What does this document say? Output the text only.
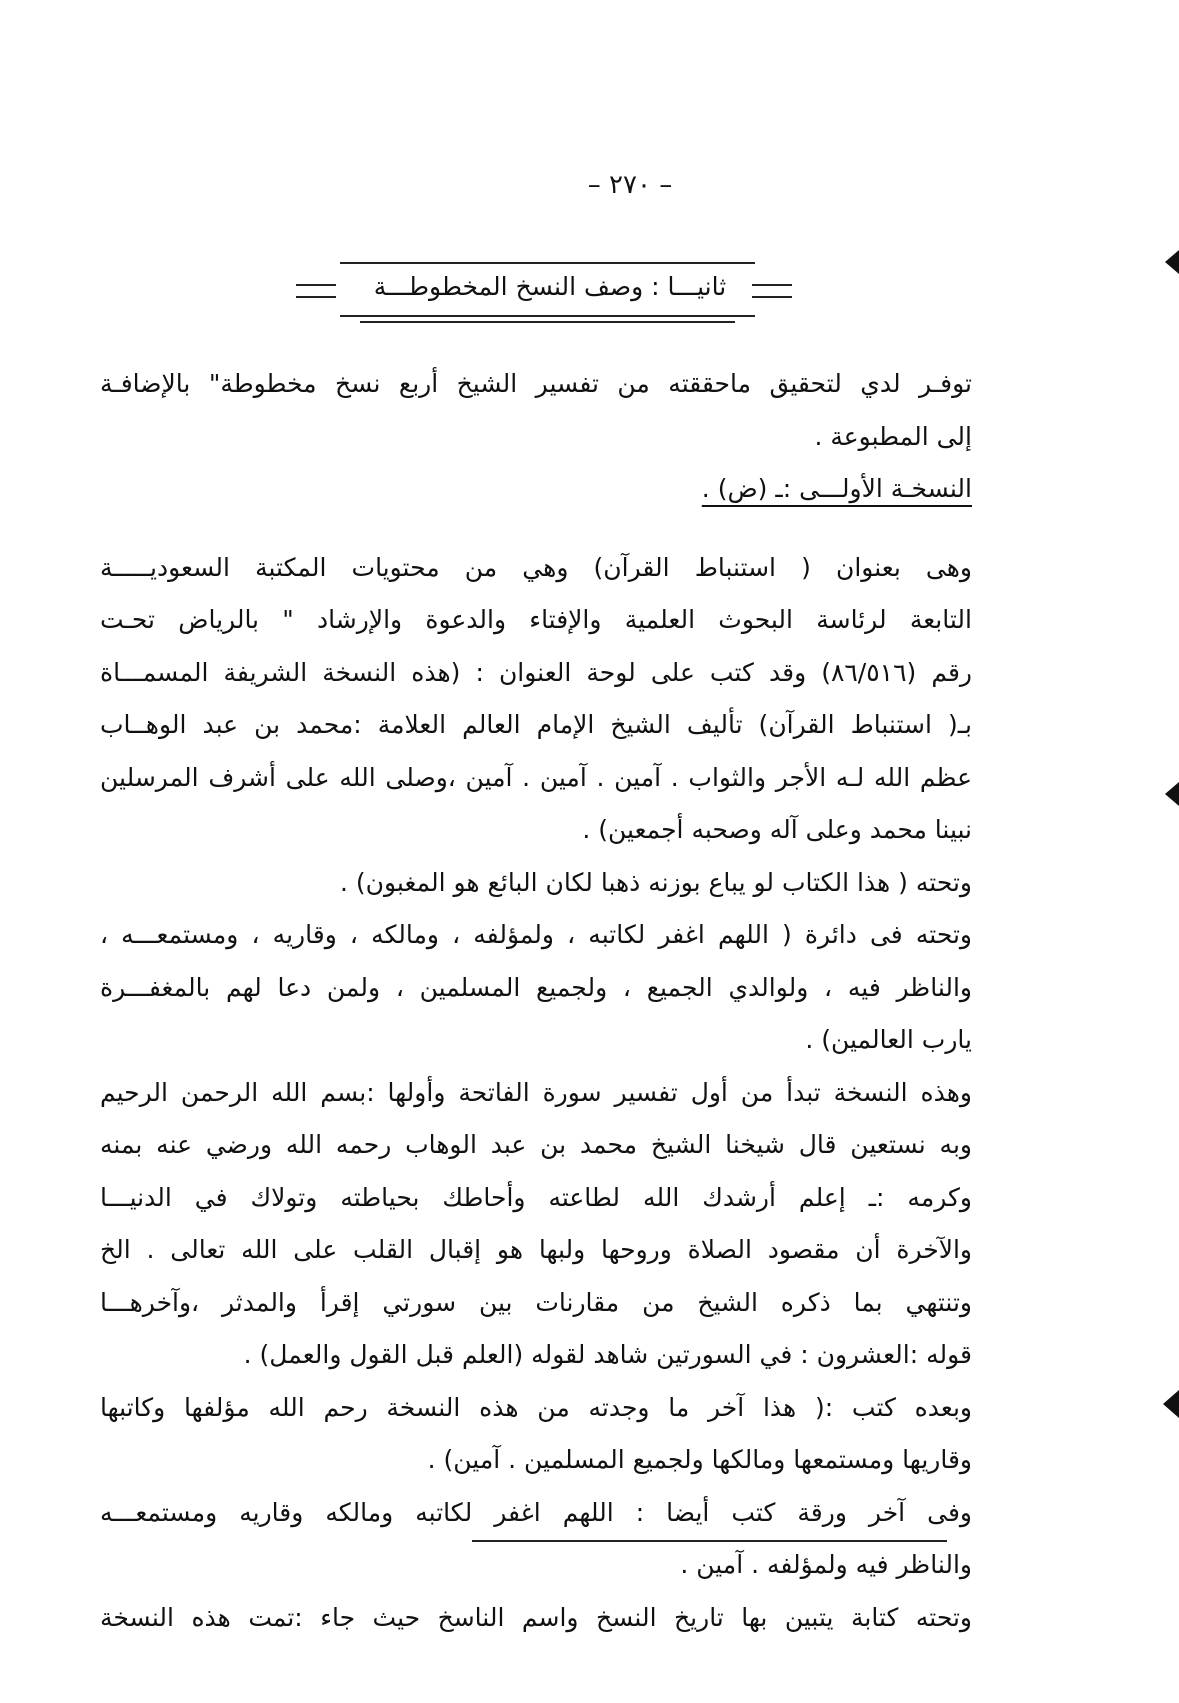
– ٢٧٠ –
ثانيـــا : وصف النسخ المخطوطـــة

توفـر لدي لتحقيق ماحققته من تفسير الشيخ أربع نسخ مخطوطة" بالإضافـة

إلى المطبوعة .

النسخـة الأولـــى :ـ (ض) .

وهى بعنوان ( استنباط القرآن) وهي من محتويات المكتبة السعوديـــــة

التابعة لرئاسة البحوث العلمية والإفتاء والدعوة والإرشاد " بالرياض تحـت

رقم (٨٦/٥١٦) وقد كتب على لوحة العنوان : (هذه النسخة الشريفة المسمـــاة

بـ( استنباط القرآن) تأليف الشيخ الإمام العالم العلامة :محمد بن عبد الوهــاب

عظم الله لـه الأجر والثواب . آمين . آمين . آمين ،وصلى الله على أشرف المرسلين

نبينا محمد وعلى آله وصحبه أجمعين) .

وتحته ( هذا الكتاب لو يباع بوزنه ذهبا لكان البائع هو المغبون) .

وتحته فى دائرة ( اللهم اغفر لكاتبه ، ولمؤلفه ، ومالكه ، وقاريه ، ومستمعـــه ،

والناظر فيه ، ولوالدي الجميع ، ولجميع المسلمين ، ولمن دعا لهم بالمغفـــرة

يارب العالمين) .

وهذه النسخة تبدأ من أول تفسير سورة الفاتحة وأولها :بسم الله الرحمن الرحيم

وبه نستعين قال شيخنا الشيخ محمد بن عبد الوهاب رحمه الله ورضي عنه بمنه

وكرمه :ـ إعلم أرشدك الله لطاعته وأحاطك بحياطته وتولاك في الدنيـــا

والآخرة أن مقصود الصلاة وروحها ولبها هو إقبال القلب على الله تعالى . الخ

وتنتهي بما ذكره الشيخ من مقارنات بين سورتي إقرأ والمدثر ،وآخرهـــا

قوله :العشرون : في السورتين شاهد لقوله (العلم قبل القول والعمل) .

وبعده كتب :( هذا آخر ما وجدته من هذه النسخة رحم الله مؤلفها وكاتبها

وقاريها ومستمعها ومالكها ولجميع المسلمين . آمين) .

وفى آخر ورقة كتب أيضا : اللهم اغفر لكاتبه ومالكه وقاريه ومستمعـــه

والناظر فيه ولمؤلفه . آمين .

وتحته كتابة يتبين بها تاريخ النسخ واسم الناسخ حيث جاء :تمت هذه النسخة
